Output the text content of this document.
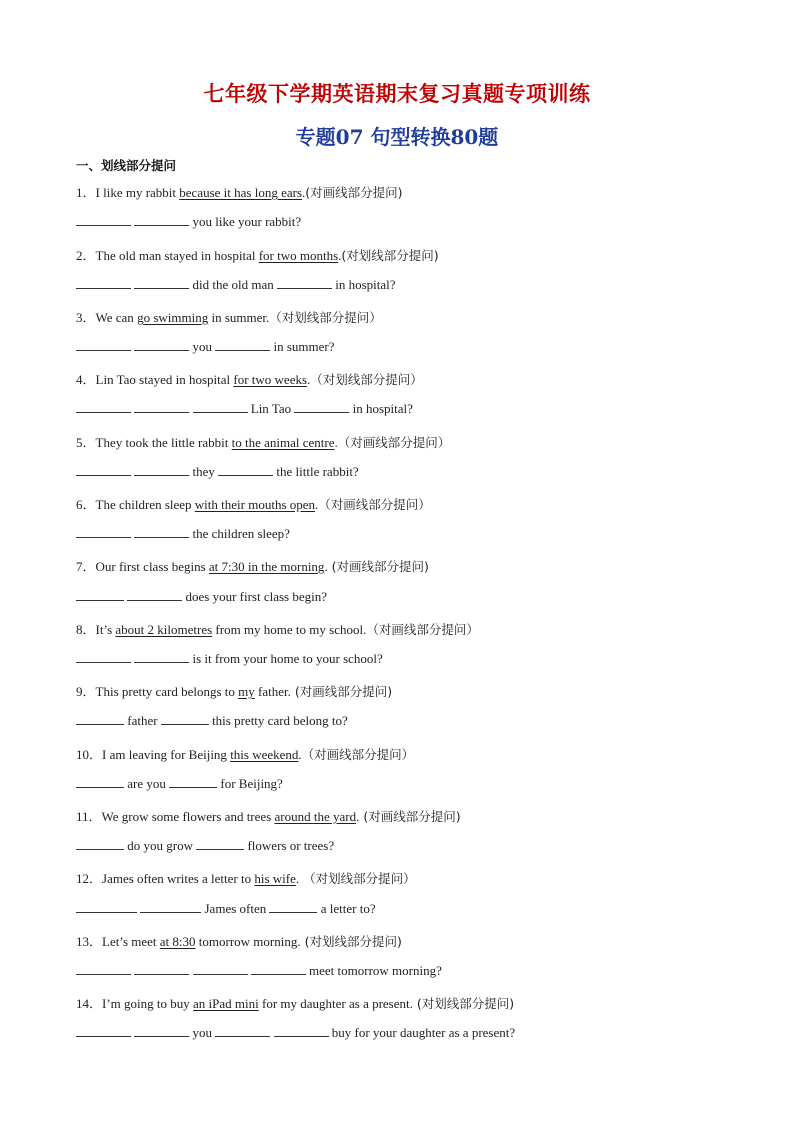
七年级下学期英语期末复习真题专项训练
专题07 句型转换80题
一、划线部分提问
1．I like my rabbit because it has long ears.(对画线部分提问)
you like your rabbit?
2．The old man stayed in hospital for two months.(对划线部分提问)
did the old man	in hospital?
3．We can go swimming in summer.（对划线部分提问）
you	in summer?
4．Lin Tao stayed in hospital for two weeks.（对划线部分提问）
Lin Tao	in hospital?
5．They took the little rabbit to the animal centre.（对画线部分提问）
they	the little rabbit?
6．The children sleep with their mouths open.（对画线部分提问）
the children sleep?
7．Our first class begins at 7:30 in the morning. (对画线部分提问)
does your first class begin?
8．It’s about 2 kilometres from my home to my school.（对画线部分提问）
is it from your home to your school?
9．This pretty card belongs to my father. (对画线部分提问)
father	this pretty card belong to?
10．I am leaving for Beijing this weekend.（对画线部分提问）
are you	for Beijing?
11．We grow some flowers and trees around the yard. (对画线部分提问)
do you grow	flowers or trees?
12．James often writes a letter to his wife. （对划线部分提问）
James often	a letter to?
13．Let’s meet at 8:30 tomorrow morning. (对划线部分提问)
meet tomorrow morning?
14．I’m going to buy an iPad mini for my daughter as a present. (对划线部分提问)
you	buy for your daughter as a present?
